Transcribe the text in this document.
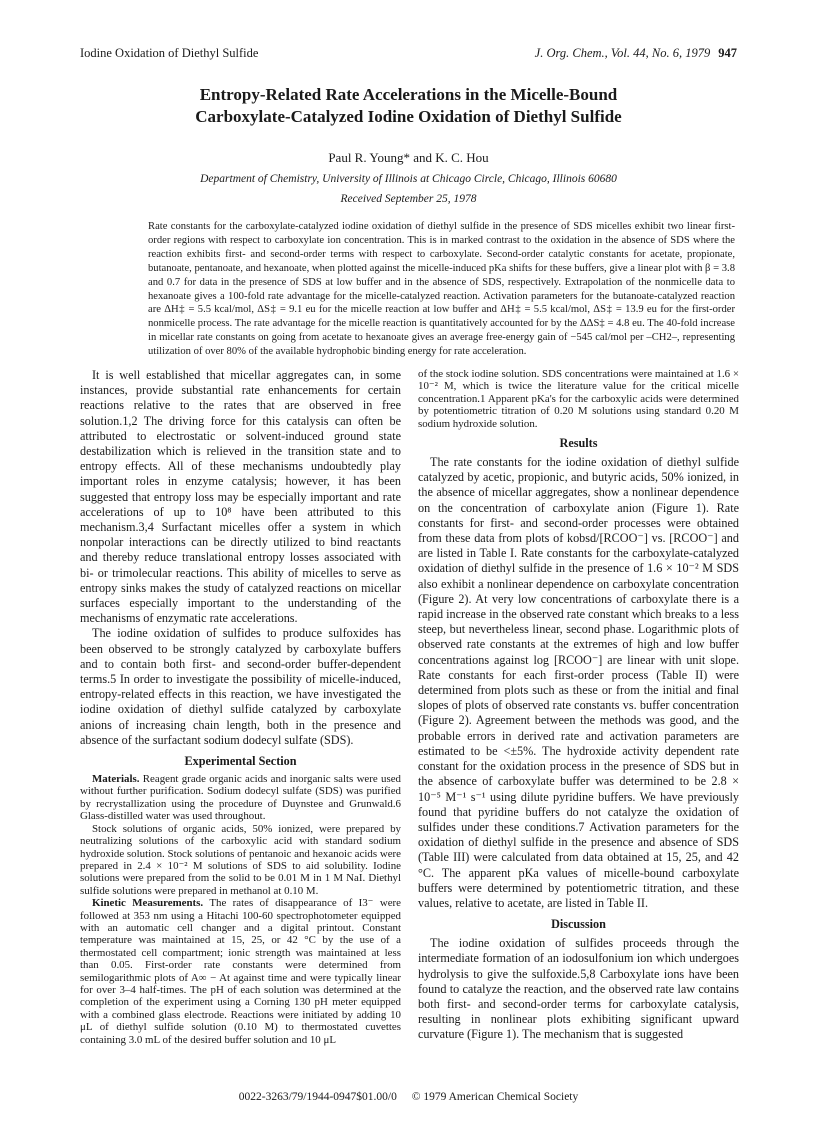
Iodine Oxidation of Diethyl Sulfide	J. Org. Chem., Vol. 44, No. 6, 1979 947
Entropy-Related Rate Accelerations in the Micelle-Bound
Carboxylate-Catalyzed Iodine Oxidation of Diethyl Sulfide
Paul R. Young* and K. C. Hou
Department of Chemistry, University of Illinois at Chicago Circle, Chicago, Illinois 60680
Received September 25, 1978
Rate constants for the carboxylate-catalyzed iodine oxidation of diethyl sulfide in the presence of SDS micelles exhibit two linear first-order regions with respect to carboxylate ion concentration. This is in marked contrast to the oxidation in the absence of SDS where the reaction exhibits first- and second-order terms with respect to carboxylate. Second-order catalytic constants for acetate, propionate, butanoate, pentanoate, and hexanoate, when plotted against the micelle-induced pKa shifts for these buffers, give a linear plot with β = 3.8 and 0.7 for data in the presence of SDS at low buffer and in the absence of SDS, respectively. Extrapolation of the nonmicelle data to hexanoate gives a 100-fold rate advantage for the micelle-catalyzed reaction. Activation parameters for the butanoate-catalyzed reaction are ΔH‡ = 5.5 kcal/mol, ΔS‡ = 9.1 eu for the micelle reaction at low buffer and ΔH‡ = 5.5 kcal/mol, ΔS‡ = 13.9 eu for the first-order nonmicelle process. The rate advantage for the micelle reaction is quantitatively accounted for by the ΔΔS‡ = 4.8 eu. The 40-fold increase in micellar rate constants on going from acetate to hexanoate gives an average free-energy gain of −545 cal/mol per –CH2–, representing utilization of over 80% of the available hydrophobic binding energy for rate acceleration.

It is well established that micellar aggregates can, in some instances, provide substantial rate enhancements for certain reactions relative to the rates that are observed in free solution.1,2 The driving force for this catalysis can often be attributed to electrostatic or solvent-induced ground state destabilization which is relieved in the transition state and to entropy effects. All of these mechanisms undoubtedly play important roles in enzyme catalysis; however, it has been suggested that entropy loss may be especially important and rate accelerations of up to 10⁸ have been attributed to this mechanism.3,4 Surfactant micelles offer a system in which nonpolar interactions can be directly utilized to bind reactants and thereby reduce translational entropy losses associated with bi- or trimolecular reactions. This ability of micelles to serve as entropy sinks makes the study of catalyzed reactions on micellar surfaces especially important to the understanding of the mechanisms of enzymatic rate accelerations.

The iodine oxidation of sulfides to produce sulfoxides has been observed to be strongly catalyzed by carboxylate buffers and to contain both first- and second-order buffer-dependent terms.5 In order to investigate the possibility of micelle-induced, entropy-related effects in this reaction, we have investigated the iodine oxidation of diethyl sulfide catalyzed by carboxylate anions of increasing chain length, both in the presence and absence of the surfactant sodium dodecyl sulfate (SDS).

Experimental Section

Materials. Reagent grade organic acids and inorganic salts were used without further purification. Sodium dodecyl sulfate (SDS) was purified by recrystallization using the procedure of Duynstee and Grunwald.6 Glass-distilled water was used throughout.

Stock solutions of organic acids, 50% ionized, were prepared by neutralizing solutions of the carboxylic acid with standard sodium hydroxide solution. Stock solutions of pentanoic and hexanoic acids were prepared in 2.4 × 10⁻² M solutions of SDS to aid solubility. Iodine solutions were prepared from the solid to be 0.01 M in 1 M NaI. Diethyl sulfide solutions were prepared in methanol at 0.10 M.

Kinetic Measurements. The rates of disappearance of I3⁻ were followed at 353 nm using a Hitachi 100-60 spectrophotometer equipped with an automatic cell changer and a digital printout. Constant temperature was maintained at 15, 25, or 42 °C by the use of a thermostated cell compartment; ionic strength was maintained at less than 0.05. First-order rate constants were determined from semilogarithmic plots of A∞ − At against time and were typically linear for over 3–4 half-times. The pH of each solution was determined at the completion of the experiment using a Corning 130 pH meter equipped with a combined glass electrode. Reactions were initiated by adding 10 μL of diethyl sulfide solution (0.10 M) to thermostated cuvettes containing 3.0 mL of the desired buffer solution and 10 μL

of the stock iodine solution. SDS concentrations were maintained at 1.6 × 10⁻² M, which is twice the literature value for the critical micelle concentration.1 Apparent pKa's for the carboxylic acids were determined by potentiometric titration of 0.20 M solutions using standard 0.20 M sodium hydroxide solution.

Results

The rate constants for the iodine oxidation of diethyl sulfide catalyzed by acetic, propionic, and butyric acids, 50% ionized, in the absence of micellar aggregates, show a nonlinear dependence on the concentration of carboxylate anion (Figure 1). Rate constants for first- and second-order processes were obtained from these data from plots of kobsd/[RCOO⁻] vs. [RCOO⁻] and are listed in Table I. Rate constants for the carboxylate-catalyzed oxidation of diethyl sulfide in the presence of 1.6 × 10⁻² M SDS also exhibit a nonlinear dependence on carboxylate concentration (Figure 2). At very low concentrations of carboxylate there is a rapid increase in the observed rate constant which breaks to a less steep, but nevertheless linear, second phase. Logarithmic plots of observed rate constants at the extremes of high and low buffer concentrations against log [RCOO⁻] are linear with unit slope. Rate constants for each first-order process (Table II) were determined from plots such as these or from the initial and final slopes of plots of observed rate constants vs. buffer concentration (Figure 2). Agreement between the methods was good, and the probable errors in derived rate and activation parameters are estimated to be <±5%. The hydroxide activity dependent rate constant for the oxidation process in the presence of SDS but in the absence of carboxylate buffer was determined to be 2.8 × 10⁻⁵ M⁻¹ s⁻¹ using dilute pyridine buffers. We have previously found that pyridine buffers do not catalyze the oxidation of sulfides under these conditions.7 Activation parameters for the oxidation of diethyl sulfide in the presence and absence of SDS (Table III) were calculated from data obtained at 15, 25, and 42 °C. The apparent pKa values of micelle-bound carboxylate buffers were determined by potentiometric titration, and these values, relative to acetate, are listed in Table II.

Discussion

The iodine oxidation of sulfides proceeds through the intermediate formation of an iodosulfonium ion which undergoes hydrolysis to give the sulfoxide.5,8 Carboxylate ions have been found to catalyze the reaction, and the observed rate law contains both first- and second-order terms for carboxylate catalysis, resulting in nonlinear plots exhibiting significant upward curvature (Figure 1). The mechanism that is suggested

0022-3263/79/1944-0947$01.00/0 © 1979 American Chemical Society
